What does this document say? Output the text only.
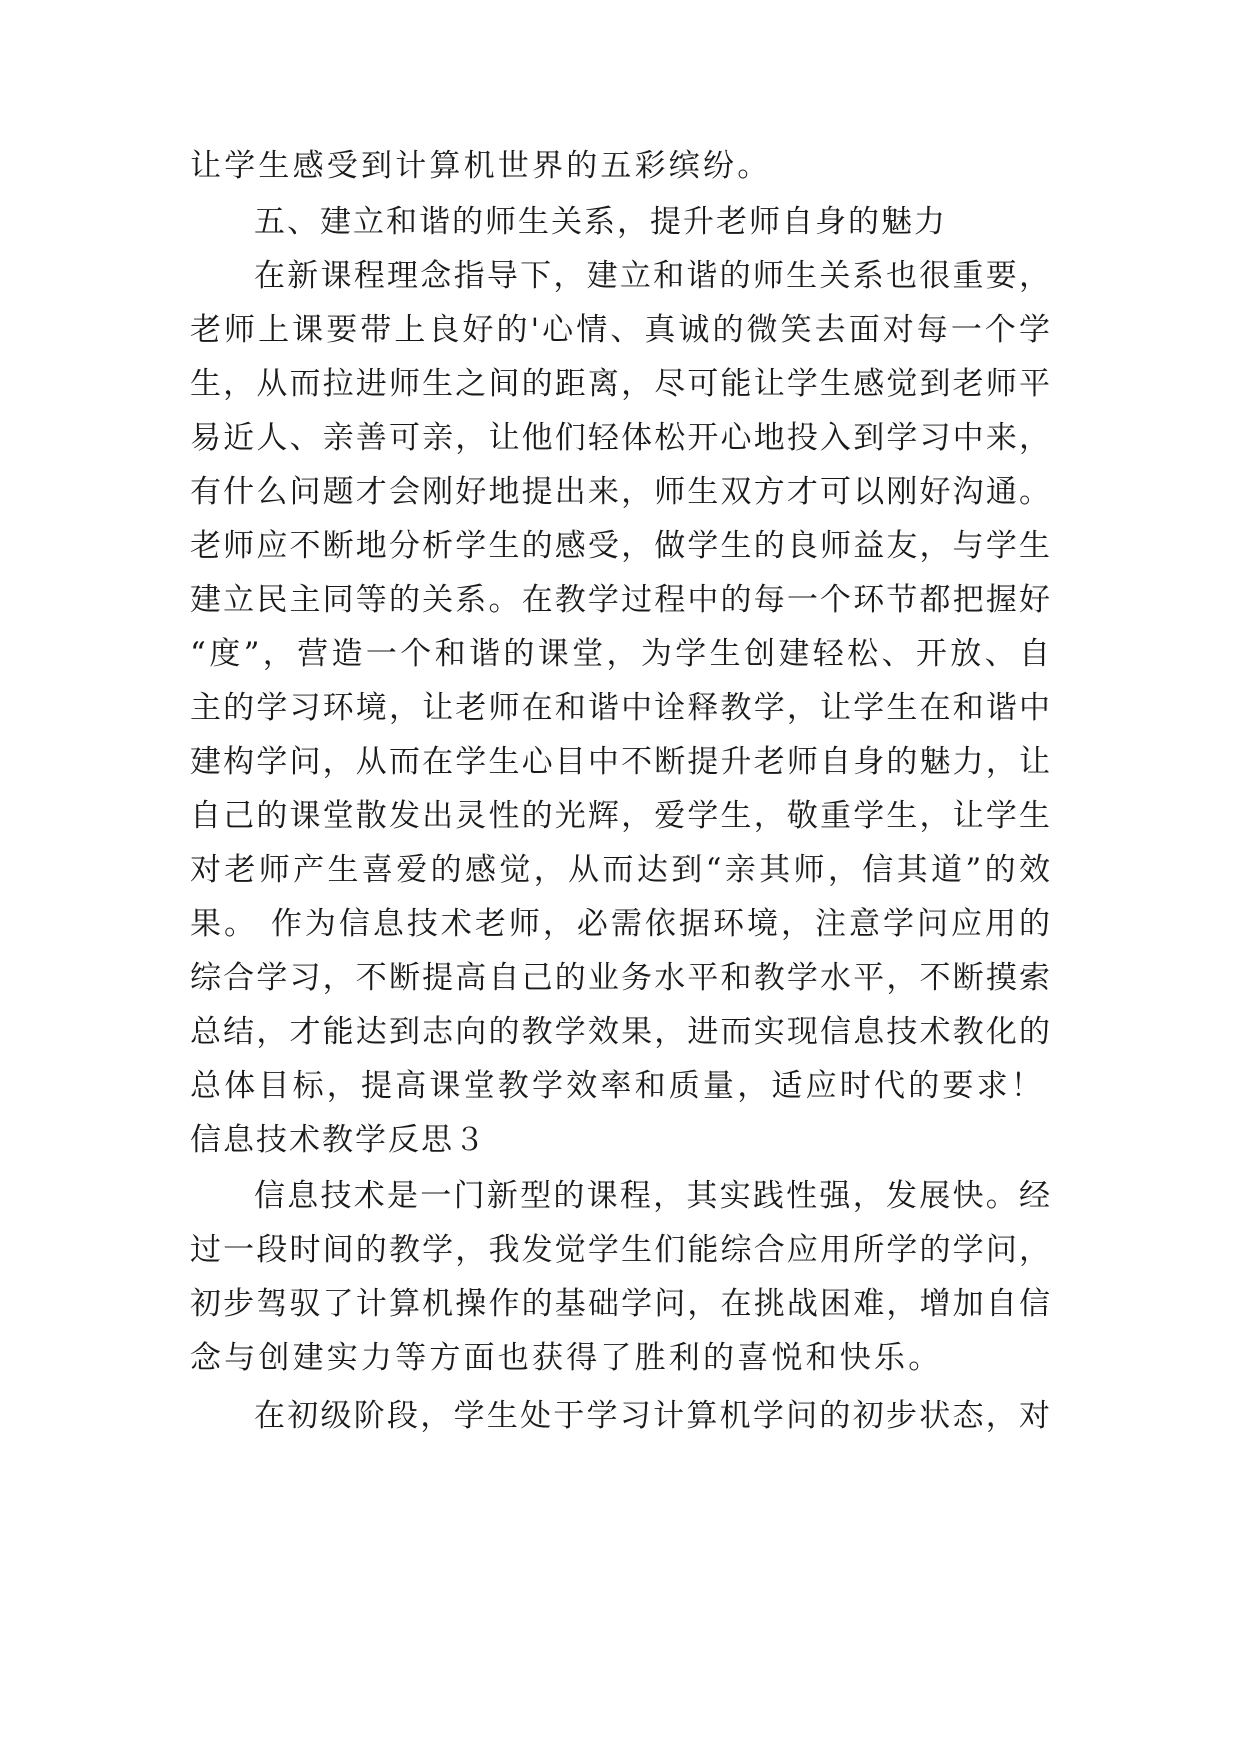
让学生感受到计算机世界的五彩缤纷。
五、建立和谐的师生关系，提升老师自身的魅力
在新课程理念指导下，建立和谐的师生关系也很重要，
老师上课要带上良好的'心情、真诚的微笑去面对每一个学
生，从而拉进师生之间的距离，尽可能让学生感觉到老师平
易近人、亲善可亲，让他们轻体松开心地投入到学习中来，
有什么问题才会刚好地提出来，师生双方才可以刚好沟通。
老师应不断地分析学生的感受，做学生的良师益友，与学生
建立民主同等的关系。在教学过程中的每一个环节都把握好
“度”，营造一个和谐的课堂，为学生创建轻松、开放、自
主的学习环境，让老师在和谐中诠释教学，让学生在和谐中
建构学问，从而在学生心目中不断提升老师自身的魅力，让
自己的课堂散发出灵性的光辉，爱学生，敬重学生，让学生
对老师产生喜爱的感觉，从而达到“亲其师，信其道”的效
果。 作为信息技术老师，必需依据环境，注意学问应用的
综合学习，不断提高自己的业务水平和教学水平，不断摸索
总结，才能达到志向的教学效果，进而实现信息技术教化的
总体目标，提高课堂教学效率和质量，适应时代的要求！
信息技术教学反思３
信息技术是一门新型的课程，其实践性强，发展快。经
过一段时间的教学，我发觉学生们能综合应用所学的学问，
初步驾驭了计算机操作的基础学问，在挑战困难，增加自信
念与创建实力等方面也获得了胜利的喜悦和快乐。
在初级阶段，学生处于学习计算机学问的初步状态，对
